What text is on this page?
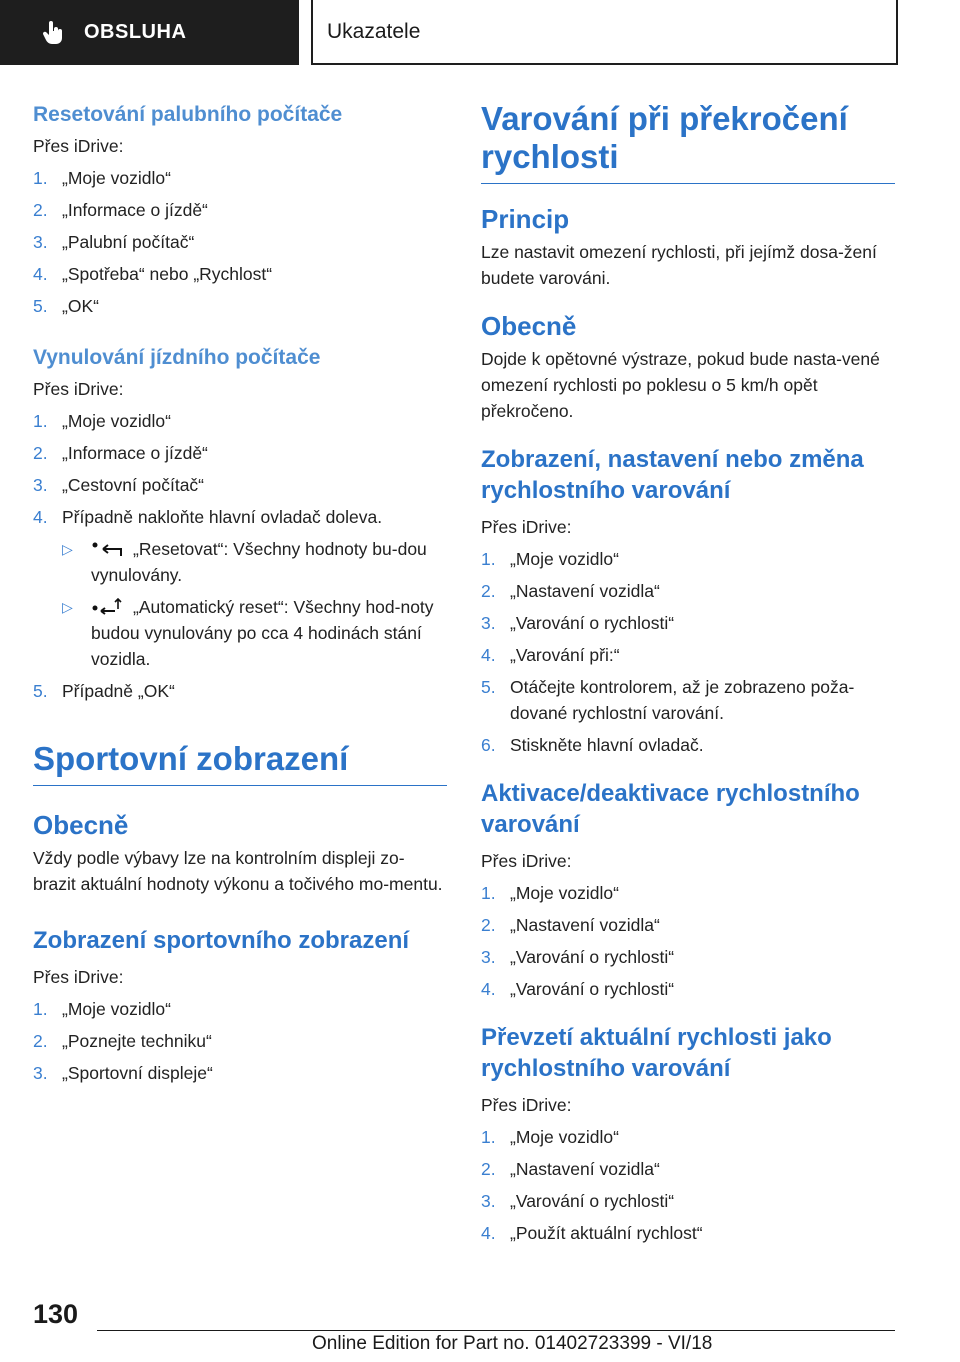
OBSLUHA	Ukazatele
Resetování palubního počítače

Přes iDrive:

1. „Moje vozidlo“
2. „Informace o jízdě“
3. „Palubní počítač“
4. „Spotřeba“ nebo „Rychlost“
5. „OK“
Vynulování jízdního počítače

Přes iDrive:

1. „Moje vozidlo“
2. „Informace o jízdě“
3. „Cestovní počítač“
4. Případně nakloňte hlavní ovladač doleva.
▷	„Resetovat“: Všechny hodnoty bu‐dou vynulovány.
▷	„Automatický reset“: Všechny hod‐noty budou vynulovány po cca 4 hodinách stání vozidla.
5. Případně „OK“
Sportovní zobrazení
Obecně

Vždy podle výbavy lze na kontrolním displeji zo‐brazit aktuální hodnoty výkonu a točivého mo‐mentu.

Zobrazení sportovního zobrazení

Přes iDrive:

1. „Moje vozidlo“
2. „Poznejte techniku“
3. „Sportovní displeje“
Varování při překročení rychlosti
Princip

Lze nastavit omezení rychlosti, při jejímž dosa‐žení budete varováni.

Obecně

Dojde k opětovné výstraze, pokud bude nasta‐vené omezení rychlosti po poklesu o 5 km/h opět překročeno.

Zobrazení, nastavení nebo změna rychlostního varování

Přes iDrive:

1. „Moje vozidlo“
2. „Nastavení vozidla“
3. „Varování o rychlosti“
4. „Varování při:“
5. Otáčejte kontrolorem, až je zobrazeno poža‐dované rychlostní varování.
6. Stiskněte hlavní ovladač.
Aktivace/deaktivace rychlostního varování

Přes iDrive:

1. „Moje vozidlo“
2. „Nastavení vozidla“
3. „Varování o rychlosti“
4. „Varování o rychlosti“
Převzetí aktuální rychlosti jako rychlostního varování

Přes iDrive:

1. „Moje vozidlo“
2. „Nastavení vozidla“
3. „Varování o rychlosti“
4. „Použít aktuální rychlost“
130
Online Edition for Part no. 01402723399 - VI/18
